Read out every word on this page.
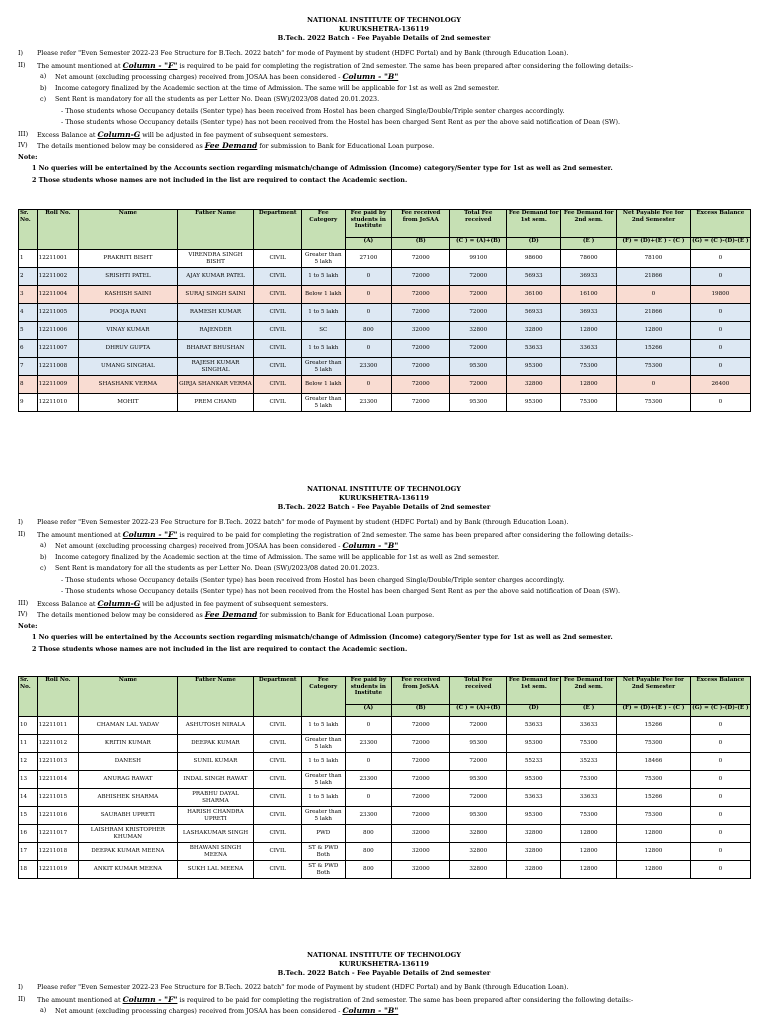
NATIONAL INSTITUTE OF TECHNOLOGY
KURUKSHETRA-136119
B.Tech. 2022 Batch - Fee Payable Details of 2nd semester
I) Please refer "Even Semester 2022-23 Fee Structure for B.Tech. 2022 batch" for mode of Payment by student (HDFC Portal) and by Bank (through Education Loan).
II) The amount mentioned at Column - "F" is required to be paid for completing the registration of 2nd semester. The same has been prepared after considering the following details:-
a) Net amount (excluding processing charges) received from JOSAA has been considered - Column - "B"
b) Income category finalized by the Academic section at the time of Admission. The same will be applicable for 1st as well as 2nd semester.
c) Sent Rent is mandatory for all the students as per Letter No. Dean (SW)/2023/08 dated 20.01.2023.
- Those students whose Occupancy details (Senter type) has been received from Hostel has been charged Single/Double/Triple senter charges accordingly.
- Those students whose Occupancy details (Senter type) has not been received from the Hostel has been charged Sent Rent as per the above said notification of Dean (SW).
III) Excess Balance at Column-G will be adjusted in fee payment of subsequent semesters.
IV) The details mentioned below may be considered as Fee Demand for submission to Bank for Educational Loan purpose.
Note:
1 No queries will be entertained by the Accounts section regarding mismatch/change of Admission (Income) category/Senter type for 1st as well as 2nd semester.
2 Those students whose names are not included in the list are required to contact the Academic section.
Sr. No.	Roll No.	Name	Father Name	Department	Fee Category	Fee paid by students in Institute	Fee received from JoSAA	Total Fee received	Fee Demand for 1st sem.	Fee Demand for 2nd sem.	Net Payable Fee for 2nd Semester	Excess Balance
						(A)	(B)	(C ) = (A)+(B)	(D)	(E )	(F) = (D)+(E ) - (C )	(G) = (C )-(D)-(E )
1	12211001	PRAKRITI BISHT	VIRENDRA SINGH BISHT	CIVIL	Greater than 5 lakh	27100	72000	99100	98600	78600	78100	0
2	12211002	SRISHTI PATEL	AJAY KUMAR PATEL	CIVIL	1 to 5 lakh	0	72000	72000	56933	36933	21866	0
3	12211004	KASHISH SAINI	SURAJ SINGH SAINI	CIVIL	Below 1 lakh	0	72000	72000	36100	16100	0	19800
4	12211005	POOJA RANI	RAMESH KUMAR	CIVIL	1 to 5 lakh	0	72000	72000	56933	36933	21866	0
5	12211006	VINAY KUMAR	RAJENDER	CIVIL	SC	800	32000	32800	32800	12800	12800	0
6	12211007	DHRUV GUPTA	BHARAT BHUSHAN	CIVIL	1 to 5 lakh	0	72000	72000	53633	33633	15266	0
7	12211008	UMANG SINGHAL	RAJESH KUMAR SINGHAL	CIVIL	Greater than 5 lakh	23300	72000	95300	95300	75300	75300	0
8	12211009	SHASHANK VERMA	GIRJA SHANKAR VERMA	CIVIL	Below 1 lakh	0	72000	72000	32800	12800	0	26400
9	12211010	MOHIT	PREM CHAND	CIVIL	Greater than 5 lakh	23300	72000	95300	95300	75300	75300	0
NATIONAL INSTITUTE OF TECHNOLOGY
KURUKSHETRA-136119
B.Tech. 2022 Batch - Fee Payable Details of 2nd semester
I) Please refer "Even Semester 2022-23 Fee Structure for B.Tech. 2022 batch" for mode of Payment by student (HDFC Portal) and by Bank (through Education Loan).
II) The amount mentioned at Column - "F" is required to be paid for completing the registration of 2nd semester. The same has been prepared after considering the following details:-
a) Net amount (excluding processing charges) received from JOSAA has been considered - Column - "B"
b) Income category finalized by the Academic section at the time of Admission. The same will be applicable for 1st as well as 2nd semester.
c) Sent Rent is mandatory for all the students as per Letter No. Dean (SW)/2023/08 dated 20.01.2023.
- Those students whose Occupancy details (Senter type) has been received from Hostel has been charged Single/Double/Triple senter charges accordingly.
- Those students whose Occupancy details (Senter type) has not been received from the Hostel has been charged Sent Rent as per the above said notification of Dean (SW).
III) Excess Balance at Column-G will be adjusted in fee payment of subsequent semesters.
IV) The details mentioned below may be considered as Fee Demand for submission to Bank for Educational Loan purpose.
Note:
1 No queries will be entertained by the Accounts section regarding mismatch/change of Admission (Income) category/Senter type for 1st as well as 2nd semester.
2 Those students whose names are not included in the list are required to contact the Academic section.
Sr. No.	Roll No.	Name	Father Name	Department	Fee Category	Fee paid by students in Institute	Fee received from JoSAA	Total Fee received	Fee Demand for 1st sem.	Fee Demand for 2nd sem.	Net Payable Fee for 2nd Semester	Excess Balance
						(A)	(B)	(C ) = (A)+(B)	(D)	(E )	(F) = (D)+(E ) - (C )	(G) = (C )-(D)-(E )
10	12211011	CHAMAN LAL YADAV	ASHUTOSH NIRALA	CIVIL	1 to 5 lakh	0	72000	72000	53633	33633	15266	0
11	12211012	KRITIN KUMAR	DEEPAK KUMAR	CIVIL	Greater than 5 lakh	23300	72000	95300	95300	75300	75300	0
12	12211013	DANESH	SUNIL KUMAR	CIVIL	1 to 5 lakh	0	72000	72000	55233	35233	18466	0
13	12211014	ANURAG RAWAT	INDAL SINGH RAWAT	CIVIL	Greater than 5 lakh	23300	72000	95300	95300	75300	75300	0
14	12211015	ABHISHEK SHARMA	PRABHU DAYAL SHARMA	CIVIL	1 to 5 lakh	0	72000	72000	53633	33633	15266	0
15	12211016	SAURABH UPRETI	HARISH CHANDRA UPRETI	CIVIL	Greater than 5 lakh	23300	72000	95300	95300	75300	75300	0
16	12211017	LAISHRAM KRISTOPHER KHUMAN	LASHAKUMAR SINGH	CIVIL	PWD	800	32000	32800	32800	12800	12800	0
17	12211018	DEEPAK KUMAR MEENA	BHAWANI SINGH MEENA	CIVIL	ST & PWD Both	800	32000	32800	32800	12800	12800	0
18	12211019	ANKIT KUMAR MEENA	SUKH LAL MEENA	CIVIL	ST & PWD Both	800	32000	32800	32800	12800	12800	0
NATIONAL INSTITUTE OF TECHNOLOGY
KURUKSHETRA-136119
B.Tech. 2022 Batch - Fee Payable Details of 2nd semester
I) Please refer "Even Semester 2022-23 Fee Structure for B.Tech. 2022 batch" for mode of Payment by student (HDFC Portal) and by Bank (through Education Loan).
II) The amount mentioned at Column - "F" is required to be paid for completing the registration of 2nd semester. The same has been prepared after considering the following details:-
a) Net amount (excluding processing charges) received from JOSAA has been considered - Column - "B"
